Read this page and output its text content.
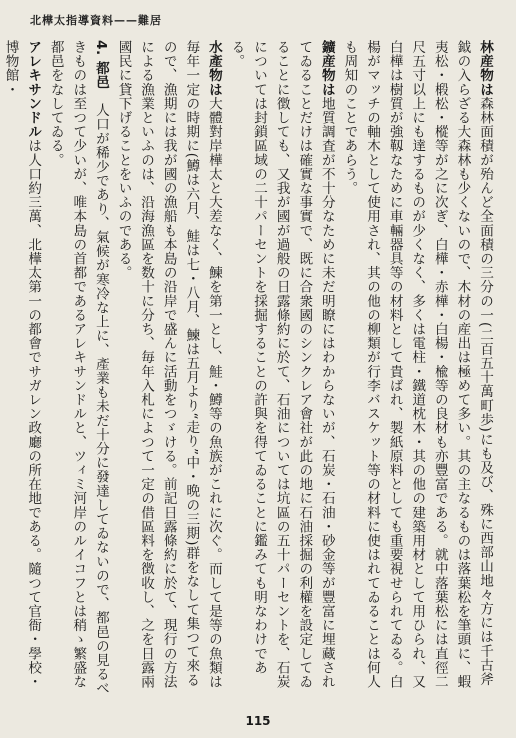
北樺太指導資料——難居

林産物は森林面積が殆んど全面積の三分の一(二百五十萬町歩)にも及び、殊に西部山地々方には千古斧鉞の入らざる大森林も少くないので、木材の産出は極めて多い。其の主なるものは落葉松を筆頭に、蝦夷松・椴松・樅等が之に次ぎ、白樺・赤樺・白楊・楡等の良材も亦豐富である。就中落葉松には直徑二尺五寸以上にも達するものが少くなく、多くは電柱・鐵道枕木・其の他の建築用材として用ひられ、又白樺は樹質が強靱なために車輛器具等の材料として貴ばれ、製紙原料としても重要視せられてゐる。白楊がマッチの軸木として使用され、其の他の柳類が行李バスケット等の材料に使はれてゐることは何人も周知のことであらう。

鑛産物は地質調査が不十分なために未だ明瞭にはわからないが、石炭・石油・砂金等が豐富に埋藏されてゐることだけは確實な事實で、既に合衆國のシンクレア會社が此の地に石油採掘の利權を設定してゐることに徴しても、又我が國が過般の日露條約に於て、石油については坑區の五十パーセントを、石炭については封鎖區域の二十パーセントを採掘することの許與を得てゐることに鑑みても明なわけである。

水產物は大體對岸樺太と大差なく、鰊を第一とし、鮭・鱒等の魚族がこれに次ぐ。而して是等の魚類は毎年一定の時期に(鱒は六月、鮭は七・八月、鰊は五月より“走り”中・晩の三期)群をなして集つて來るので、漁期には我が國の漁船も本島の沿岸で盛んに活動をつゞける。前記日露條約に於て、現行の方法による漁業といふのは、沿海漁區を数十に分ち、毎年入札によつて一定の借區料を徴收し、之を日露兩國民に貸下げることをいふのである。

4. 都邑　人口が稀少であり、氣候が寒冷な上に、產業も未だ十分に發達してゐないので、都邑の見るべきものは至つて少いが、唯本島の首都であるアレキサンドルと、ツィミ河岸のルイコフとは稍ゝ繁盛な都邑をなしてゐる。

アレキサンドルは人口約三萬、北樺太第一の都會でサガレン政廳の所在地である。隨つて官衙・學校・博物館・

115
